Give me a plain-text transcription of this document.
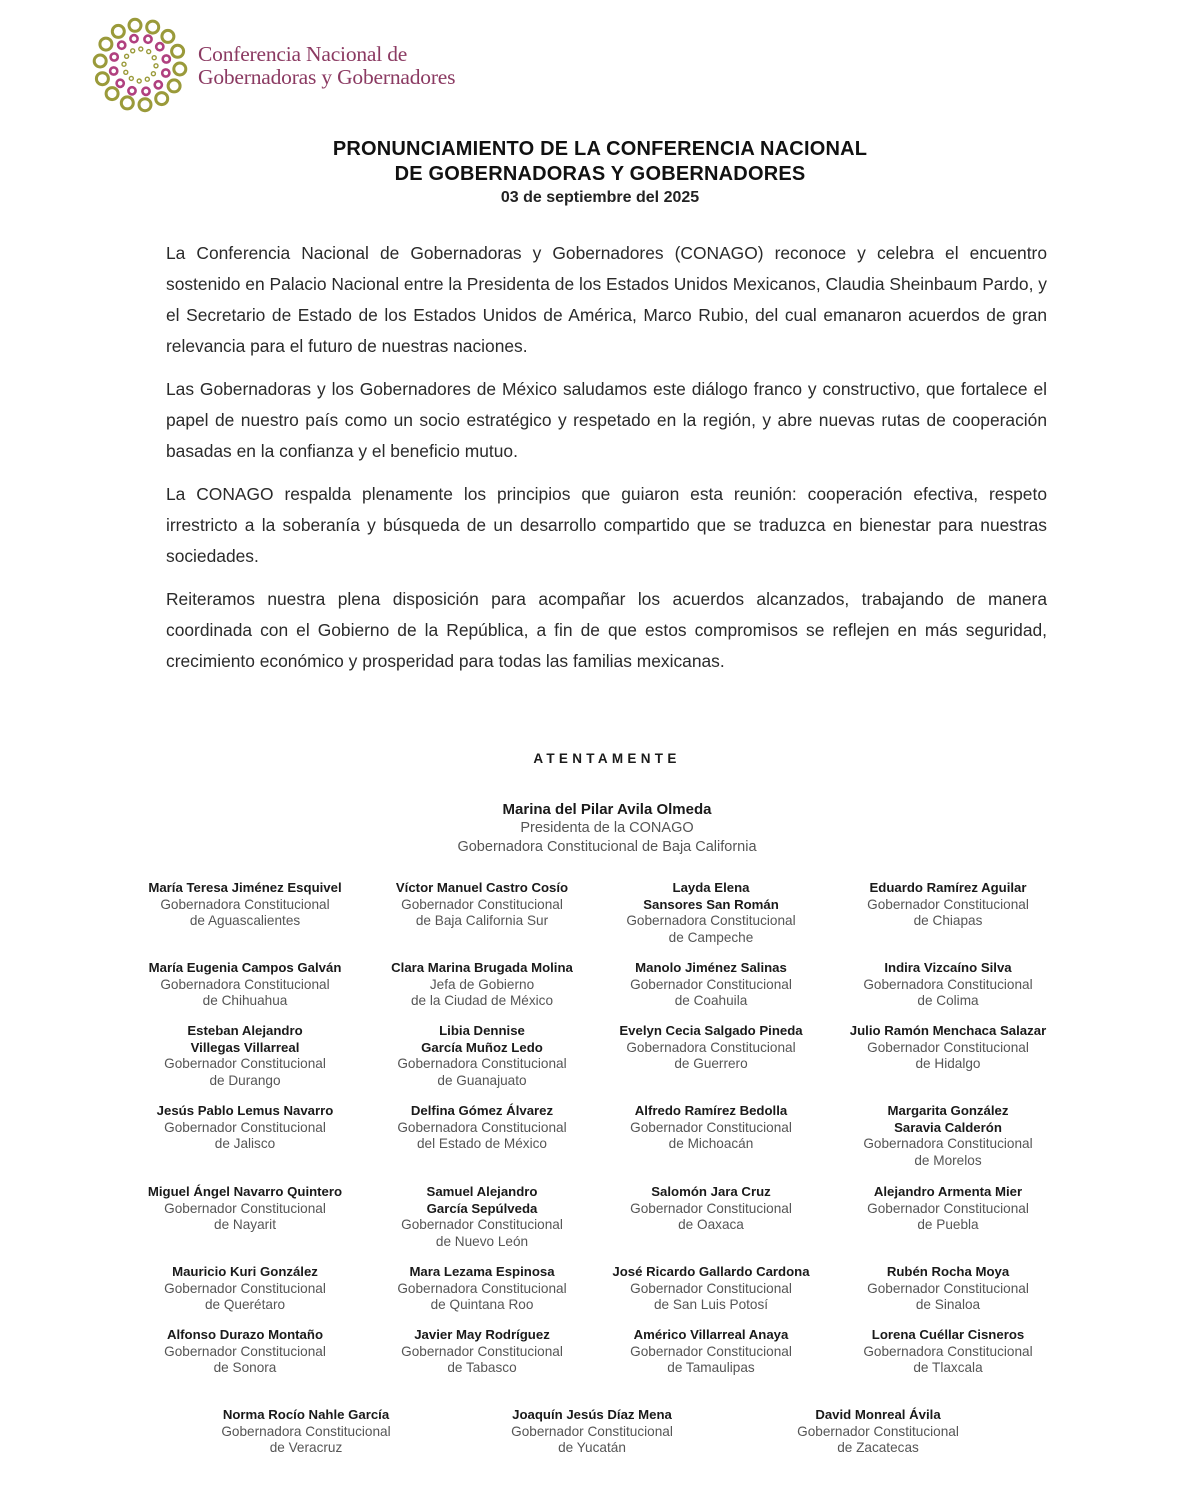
Conferencia Nacional de
Gobernadoras y Gobernadores
PRONUNCIAMIENTO DE LA CONFERENCIA NACIONAL
DE GOBERNADORAS Y GOBERNADORES
03 de septiembre del 2025

La Conferencia Nacional de Gobernadoras y Gobernadores (CONAGO) reconoce y celebra el encuentro sostenido en Palacio Nacional entre la Presidenta de los Estados Unidos Mexicanos, Claudia Sheinbaum Pardo, y el Secretario de Estado de los Estados Unidos de América, Marco Rubio, del cual emanaron acuerdos de gran relevancia para el futuro de nuestras naciones.

Las Gobernadoras y los Gobernadores de México saludamos este diálogo franco y constructivo, que fortalece el papel de nuestro país como un socio estratégico y respetado en la región, y abre nuevas rutas de cooperación basadas en la confianza y el beneficio mutuo.

La CONAGO respalda plenamente los principios que guiaron esta reunión: cooperación efectiva, respeto irrestricto a la soberanía y búsqueda de un desarrollo compartido que se traduzca en bienestar para nuestras sociedades.

Reiteramos nuestra plena disposición para acompañar los acuerdos alcanzados, trabajando de manera coordinada con el Gobierno de la República, a fin de que estos compromisos se reflejen en más seguridad, crecimiento económico y prosperidad para todas las familias mexicanas.

ATENTAMENTE
Marina del Pilar Avila Olmeda
Presidenta de la CONAGO
Gobernadora Constitucional de Baja California
María Teresa Jiménez Esquivel
Gobernadora Constitucional
de Aguascalientes
Víctor Manuel Castro Cosío
Gobernador Constitucional
de Baja California Sur
Layda Elena
Sansores San Román
Gobernadora Constitucional
de Campeche
Eduardo Ramírez Aguilar
Gobernador Constitucional
de Chiapas
María Eugenia Campos Galván
Gobernadora Constitucional
de Chihuahua
Clara Marina Brugada Molina
Jefa de Gobierno
de la Ciudad de México
Manolo Jiménez Salinas
Gobernador Constitucional
de Coahuila
Indira Vizcaíno Silva
Gobernadora Constitucional
de Colima
Esteban Alejandro
Villegas Villarreal
Gobernador Constitucional
de Durango
Libia Dennise
García Muñoz Ledo
Gobernadora Constitucional
de Guanajuato
Evelyn Cecia Salgado Pineda
Gobernadora Constitucional
de Guerrero
Julio Ramón Menchaca Salazar
Gobernador Constitucional
de Hidalgo
Jesús Pablo Lemus Navarro
Gobernador Constitucional
de Jalisco
Delfina Gómez Álvarez
Gobernadora Constitucional
del Estado de México
Alfredo Ramírez Bedolla
Gobernador Constitucional
de Michoacán
Margarita González
Saravia Calderón
Gobernadora Constitucional
de Morelos
Miguel Ángel Navarro Quintero
Gobernador Constitucional
de Nayarit
Samuel Alejandro
García Sepúlveda
Gobernador Constitucional
de Nuevo León
Salomón Jara Cruz
Gobernador Constitucional
de Oaxaca
Alejandro Armenta Mier
Gobernador Constitucional
de Puebla
Mauricio Kuri González
Gobernador Constitucional
de Querétaro
Mara Lezama Espinosa
Gobernadora Constitucional
de Quintana Roo
José Ricardo Gallardo Cardona
Gobernador Constitucional
de San Luis Potosí
Rubén Rocha Moya
Gobernador Constitucional
de Sinaloa
Alfonso Durazo Montaño
Gobernador Constitucional
de Sonora
Javier May Rodríguez
Gobernador Constitucional
de Tabasco
Américo Villarreal Anaya
Gobernador Constitucional
de Tamaulipas
Lorena Cuéllar Cisneros
Gobernadora Constitucional
de Tlaxcala
Norma Rocío Nahle García
Gobernadora Constitucional
de Veracruz
Joaquín Jesús Díaz Mena
Gobernador Constitucional
de Yucatán
David Monreal Ávila
Gobernador Constitucional
de Zacatecas
